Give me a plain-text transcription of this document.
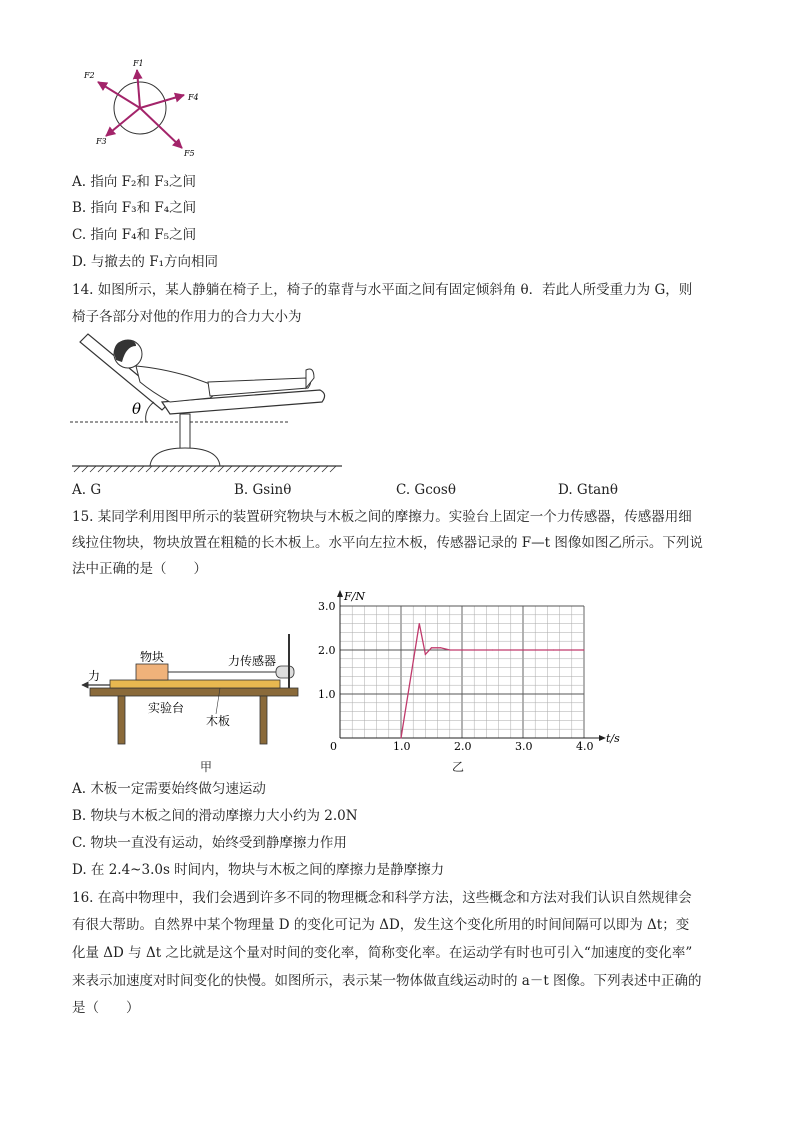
F1
F2
F3
F4
F5
A. 指向 F₂和 F₃之间
B. 指向 F₃和 F₄之间
C. 指向 F₄和 F₅之间
D. 与撤去的 F₁方向相同
14. 如图所示，某人静躺在椅子上，椅子的靠背与水平面之间有固定倾斜角 θ．若此人所受重力为 G，则
椅子各部分对他的作用力的合力大小为
θ
A. G	B. Gsinθ	C. Gcosθ	D. Gtanθ
15. 某同学利用图甲所示的装置研究物块与木板之间的摩擦力。实验台上固定一个力传感器，传感器用细
线拉住物块，物块放置在粗糙的长木板上。水平向左拉木板，传感器记录的 F—t 图像如图乙所示。下列说
法中正确的是（　　）
力
物块	力传感器
实验台
木板
甲
0	1.0	2.0	3.0	4.0
1.0
2.0
3.0
t/s
F/N
乙
A. 木板一定需要始终做匀速运动
B. 物块与木板之间的滑动摩擦力大小约为 2.0N
C. 物块一直没有运动，始终受到静摩擦力作用
D. 在 2.4~3.0s 时间内，物块与木板之间的摩擦力是静摩擦力
16. 在高中物理中，我们会遇到许多不同的物理概念和科学方法，这些概念和方法对我们认识自然规律会
有很大帮助。自然界中某个物理量 D 的变化可记为 ΔD，发生这个变化所用的时间间隔可以即为 Δt；变
化量 ΔD 与 Δt 之比就是这个量对时间的变化率，简称变化率。在运动学有时也可引入“加速度的变化率”
来表示加速度对时间变化的快慢。如图所示，表示某一物体做直线运动时的 a－t 图像。下列表述中正确的
是（　　）
